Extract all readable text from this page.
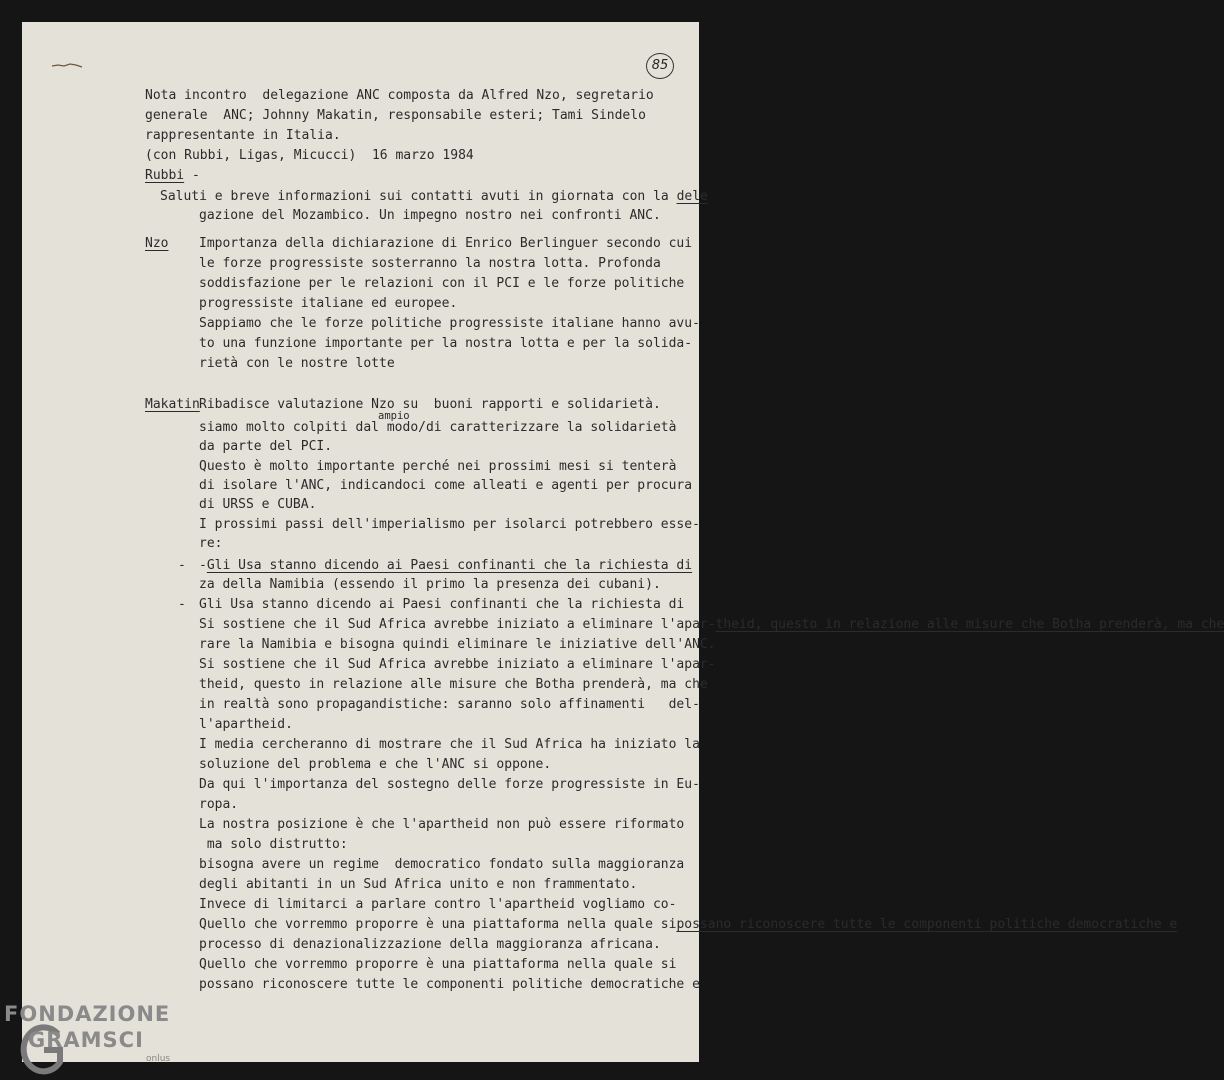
85
Nota incontro  delegazione ANC composta da Alfred Nzo, segretario
generale  ANC; Johnny Makatin, responsabile esteri; Tami Sindelo
rappresentante in Italia.
(con Rubbi, Ligas, Micucci)  16 marzo 1984
Rubbi -
Saluti e breve informazioni sui contatti avuti in giornata con la dele
gazione del Mozambico. Un impegno nostro nei confronti ANC.
Nzo Importanza della dichiarazione di Enrico Berlinguer secondo cui
le forze progressiste sosterranno la nostra lotta. Profonda
soddisfazione per le relazioni con il PCI e le forze politiche
progressiste italiane ed europee.
Sappiamo che le forze politiche progressiste italiane hanno avu-
to una funzione importante per la nostra lotta e per la solida-
rietà con le nostre lotte
Makatin Ribadisce valutazione Nzo su  buoni rapporti e solidarietà.
ampio
siamo molto colpiti dal modo/di caratterizzare la solidarietà
da parte del PCI.
Questo è molto importante perché nei prossimi mesi si tenterà
di isolare l'ANC, indicandoci come alleati e agenti per procura
di URSS e CUBA.
I prossimi passi dell'imperialismo per isolarci potrebbero esse-
re:
- -Gli Usa stanno dicendo ai Paesi confinanti che la richiesta di
za della Namibia (essendo il primo la presenza dei cubani).
- Gli Usa stanno dicendo ai Paesi confinanti che la richiesta di
Si sostiene che il Sud Africa avrebbe iniziato a eliminare l'apar-theid, questo in relazione alle misure che Botha prenderà, ma che
rare la Namibia e bisogna quindi eliminare le iniziative dell'ANC.
Si sostiene che il Sud Africa avrebbe iniziato a eliminare l'apar-
theid, questo in relazione alle misure che Botha prenderà, ma che
in realtà sono propagandistiche: saranno solo affinamenti   del-
l'apartheid.
I media cercheranno di mostrare che il Sud Africa ha iniziato la
soluzione del problema e che l'ANC si oppone.
Da qui l'importanza del sostegno delle forze progressiste in Eu-
ropa.
La nostra posizione è che l'apartheid non può essere riformato
ma solo distrutto:
bisogna avere un regime  democratico fondato sulla maggioranza
degli abitanti in un Sud Africa unito e non frammentato.
Invece di limitarci a parlare contro l'apartheid vogliamo co-
Quello che vorremmo proporre è una piattaforma nella quale sipossano riconoscere tutte le componenti politiche democratiche e
processo di denazionalizzazione della maggioranza africana.
Quello che vorremmo proporre è una piattaforma nella quale si
possano riconoscere tutte le componenti politiche democratiche e
FONDAZIONE
GRAMSCI
onlus
